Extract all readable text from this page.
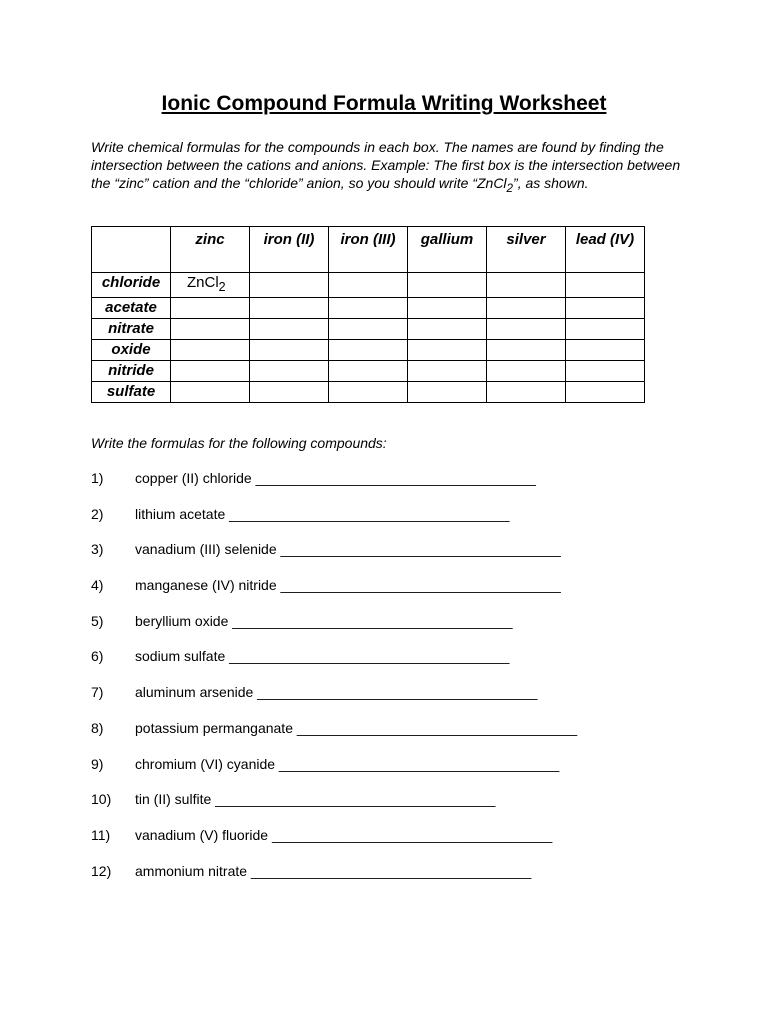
Ionic Compound Formula Writing Worksheet

Write chemical formulas for the compounds in each box. The names are found by finding the intersection between the cations and anions. Example: The first box is the intersection between the “zinc” cation and the “chloride” anion, so you should write “ZnCl$_2$”, as shown.

	zinc	iron (II)	iron (III)	gallium	silver	lead (IV)
chloride	ZnCl$_2$					
acetate						
nitrate						
oxide						
nitride						
sulfate						

Write the formulas for the following compounds:

1)	copper (II) chloride ____________________________________
2)	lithium acetate ____________________________________
3)	vanadium (III) selenide ____________________________________
4)	manganese (IV) nitride ____________________________________
5)	beryllium oxide ____________________________________
6)	sodium sulfate ____________________________________
7)	aluminum arsenide ____________________________________
8)	potassium permanganate ____________________________________
9)	chromium (VI) cyanide ____________________________________
10)	tin (II) sulfite ____________________________________
11)	vanadium (V) fluoride ____________________________________
12)	ammonium nitrate ____________________________________
